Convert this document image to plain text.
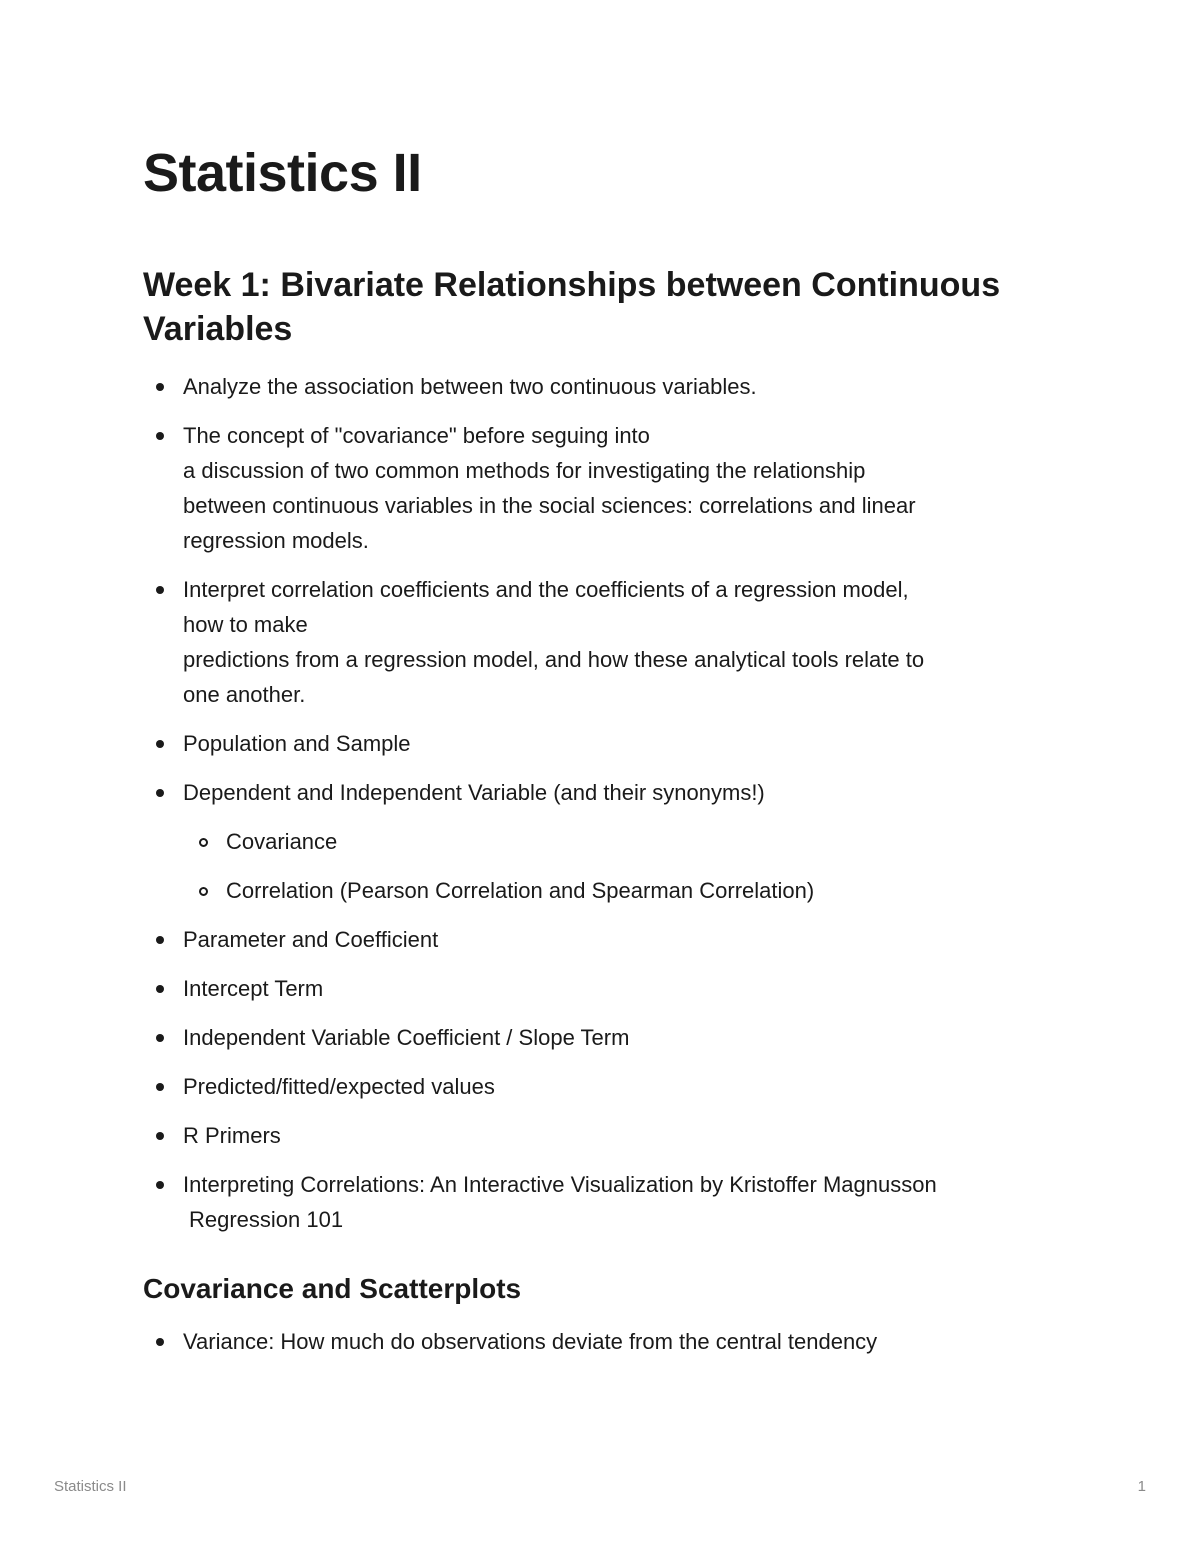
Statistics II
Week 1: Bivariate Relationships between Continuous
Variables
Analyze the association between two continuous variables.
The concept of "covariance" before seguing into
a discussion of two common methods for investigating the relationship
between continuous variables in the social sciences: correlations and linear
regression models.
Interpret correlation coefficients and the coefficients of a regression model,
how to make
predictions from a regression model, and how these analytical tools relate to
one another.
Population and Sample
Dependent and Independent Variable (and their synonyms!)
Covariance
Correlation (Pearson Correlation and Spearman Correlation)
Parameter and Coefficient
Intercept Term
Independent Variable Coefficient / Slope Term
Predicted/fitted/expected values
R Primers
Interpreting Correlations: An Interactive Visualization by Kristoffer Magnusson
Regression 101
Covariance and Scatterplots
Variance: How much do observations deviate from the central tendency
Statistics II	1
